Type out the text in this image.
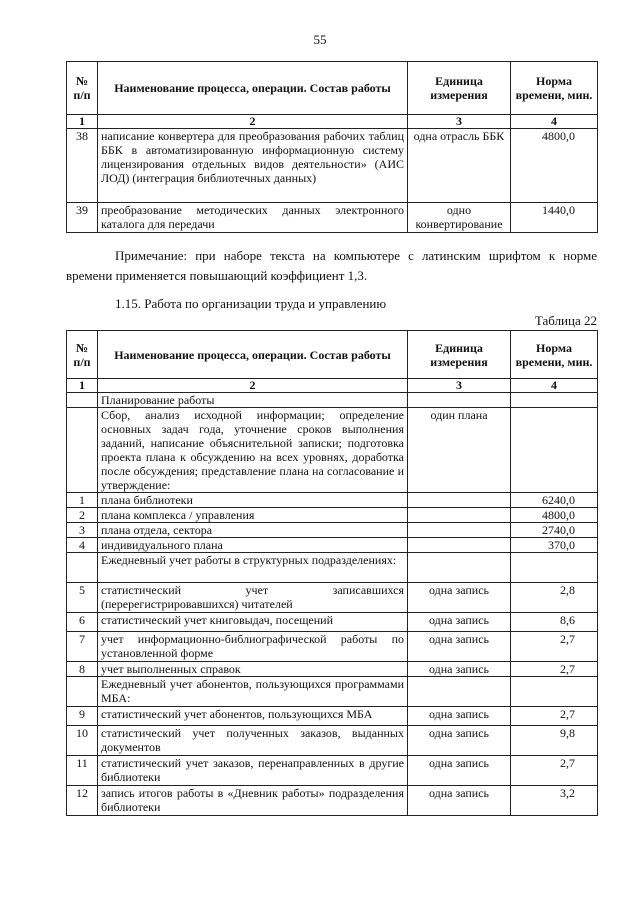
55
№ п/п	Наименование процесса, операции. Состав работы	Единица измерения	Норма времени, мин.
1	2	3	4
38	написание конвертера для преобразования рабочих таблиц ББК в автоматизированную информационную систему лицензирования отдельных видов деятельности» (АИС ЛОД) (интеграция библиотечных данных)	одна отрасль ББК	4800,0
39	преобразование методических данных электронного каталога для передачи	одно конвертирование	1440,0
Примечание: при наборе текста на компьютере с латинским шрифтом к норме времени применяется повышающий коэффициент 1,3.
1.15. Работа по организации труда и управлению
Таблица 22
№ п/п	Наименование процесса, операции. Состав работы	Единица измерения	Норма времени, мин.
1	2	3	4
	Планирование работы		
	Сбор, анализ исходной информации; определение основных задач года, уточнение сроков выполнения заданий, написание объяснительной записки; подготовка проекта плана к обсуждению на всех уровнях, доработка после обсуждения; представление плана на согласование и утверждение:	один плана	
1	плана библиотеки		6240,0
2	плана комплекса / управления		4800,0
3	плана отдела, сектора		2740,0
4	индивидуального плана		370,0
	Ежедневный учет работы в структурных подразделениях:		
5	статистический учет записавшихся (перерегистрировавшихся) читателей	одна запись	2,8
6	статистический учет книговыдач, посещений	одна запись	8,6
7	учет информационно-библиографической работы по установленной форме	одна запись	2,7
8	учет выполненных справок	одна запись	2,7
	Ежедневный учет абонентов, пользующихся программами МБА:		
9	статистический учет абонентов, пользующихся МБА	одна запись	2,7
10	статистический учет полученных заказов, выданных документов	одна запись	9,8
11	статистический учет заказов, перенаправленных в другие библиотеки	одна запись	2,7
12	запись итогов работы в «Дневник работы» подразделения библиотеки	одна запись	3,2
